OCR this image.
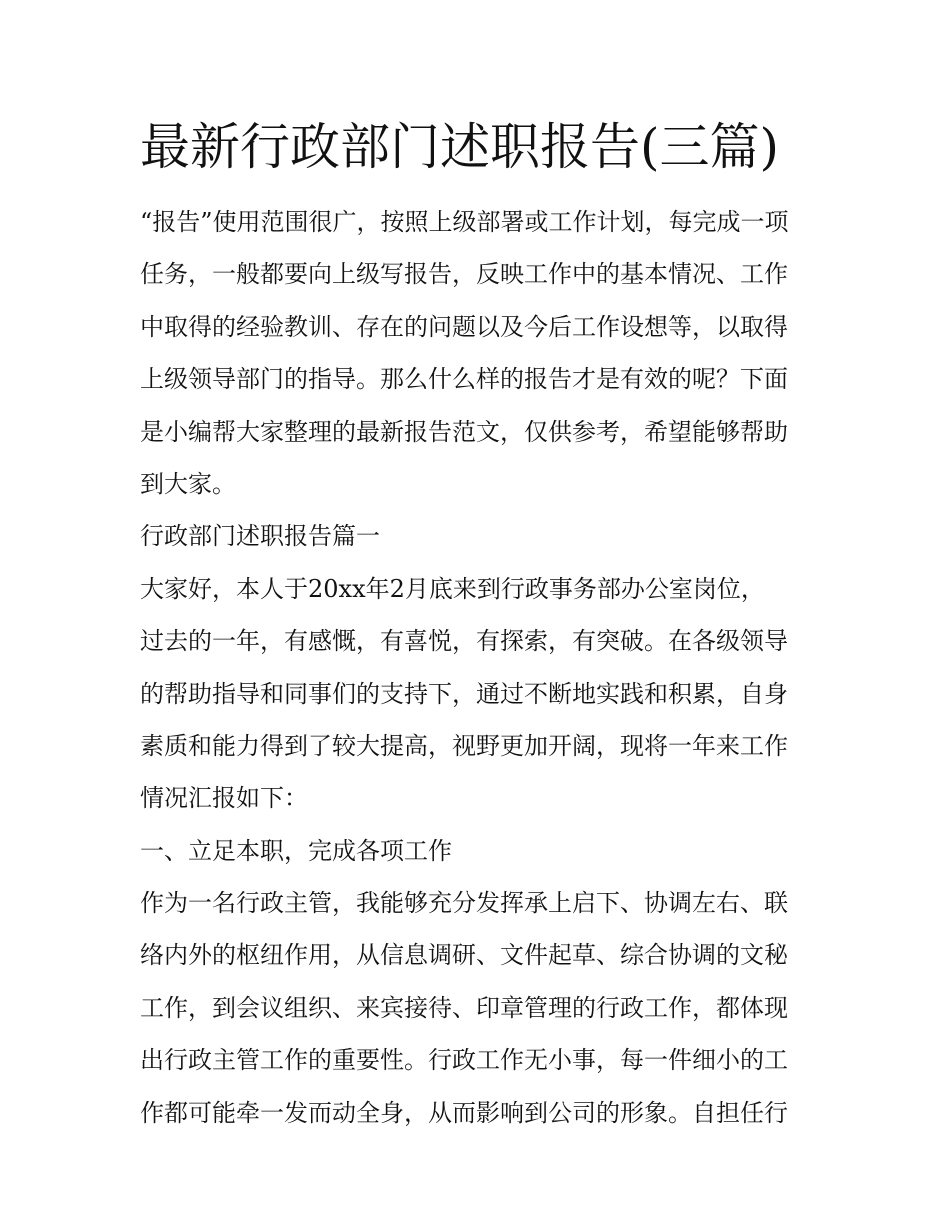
最新行政部门述职报告(三篇)
“报告”使用范围很广，按照上级部署或工作计划，每完成一项
任务，一般都要向上级写报告，反映工作中的基本情况、工作
中取得的经验教训、存在的问题以及今后工作设想等，以取得
上级领导部门的指导。那么什么样的报告才是有效的呢？下面
是小编帮大家整理的最新报告范文，仅供参考，希望能够帮助
到大家。
行政部门述职报告篇一
大家好，本人于20xx年2月底来到行政事务部办公室岗位，
过去的一年，有感慨，有喜悦，有探索，有突破。在各级领导
的帮助指导和同事们的支持下，通过不断地实践和积累，自身
素质和能力得到了较大提高，视野更加开阔，现将一年来工作
情况汇报如下：
一、立足本职，完成各项工作
作为一名行政主管，我能够充分发挥承上启下、协调左右、联
络内外的枢纽作用，从信息调研、文件起草、综合协调的文秘
工作，到会议组织、来宾接待、印章管理的行政工作，都体现
出行政主管工作的重要性。行政工作无小事，每一件细小的工
作都可能牵一发而动全身，从而影响到公司的形象。自担任行
